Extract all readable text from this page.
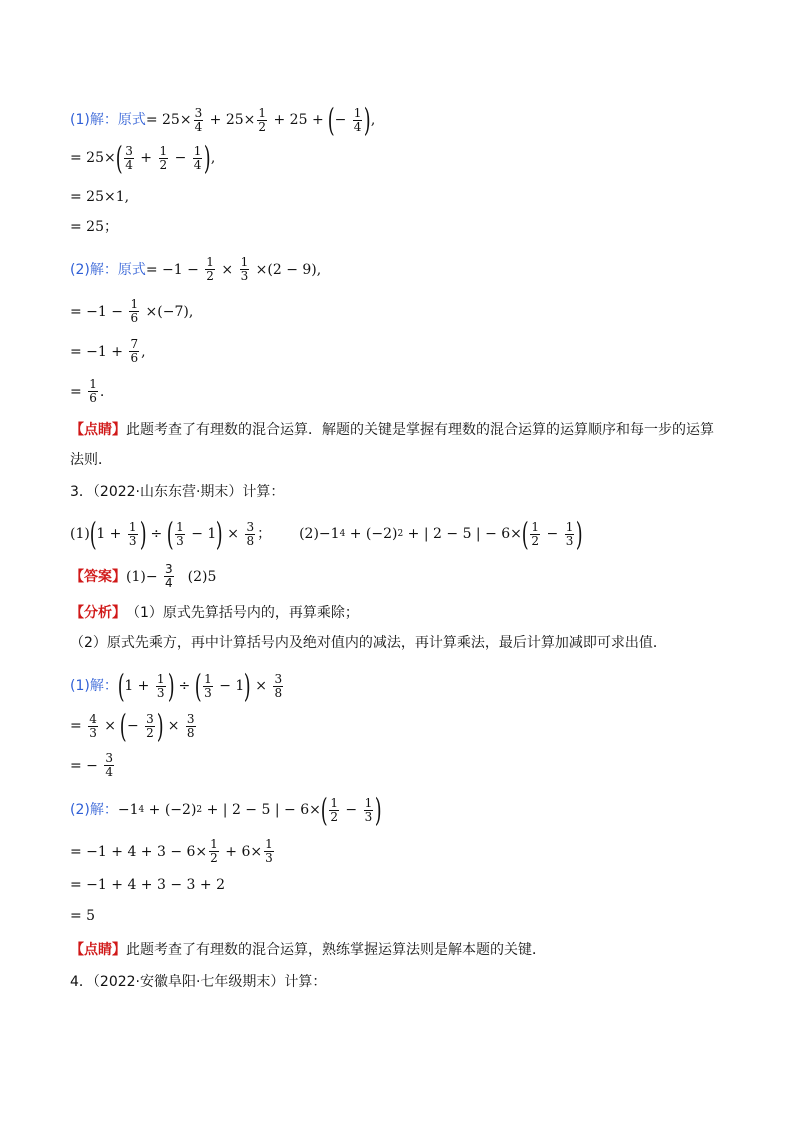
(1)解：原式 = $25\times \frac{3}{4} + 25\times \frac{1}{2} + 25$ + ( − $\frac{1}{4}$ ) ,
= 25× ( $\frac{3}{4} + \frac{1}{2} - \frac{1}{4}$ ) ,
= 25×1,
= 25；
(2)解：原式 = $-1 - \frac{1}{2} \times \frac{1}{3} \times(2 - 9)$,
= $-1 - \frac{1}{6} \times(-7)$,
= $-1 + \frac{7}{6}$ ,
= $\frac{1}{6}$ .
【点睛】 此题考查了有理数的混合运算．解题的关键是掌握有理数的混合运算的运算顺序和每一步的运算
法则．
3．（2022·山东东营·期末）计算：
(1) ( $1 + \frac{1}{3}$ ) ÷ ( $\frac{1}{3} - 1$ ) × $\frac{3}{8}$ ； (2) −1 4 + (−2) 2 + | 2 − 5 | − 6× ( $\frac{1}{2} - \frac{1}{3}$ )
【答案】 $(1)- \frac{3}{4} (2)5$
【分析】 （1）原式先算括号内的，再算乘除；
（2）原式先乘方，再中计算括号内及绝对值内的减法，再计算乘法，最后计算加减即可求出值．
(1)解： ( $1 + \frac{1}{3}$ ) ÷ ( $\frac{1}{3} - 1$ ) × $\frac{3}{8}$
= $\frac{4}{3}$ × ( − $\frac{3}{2}$ ) × $\frac{3}{8}$
= − $\frac{3}{4}$
(2)解： −1 4 + (−2) 2 + | 2 − 5 | − 6× ( $\frac{1}{2} - \frac{1}{3}$ )
= $-1 + 4 + 3 - 6\times \frac{1}{2} + 6\times \frac{1}{3}$
= −1 + 4 + 3 − 3 + 2
= 5
【点睛】 此题考查了有理数的混合运算，熟练掌握运算法则是解本题的关键．
4．（2022·安徽阜阳·七年级期末）计算：
